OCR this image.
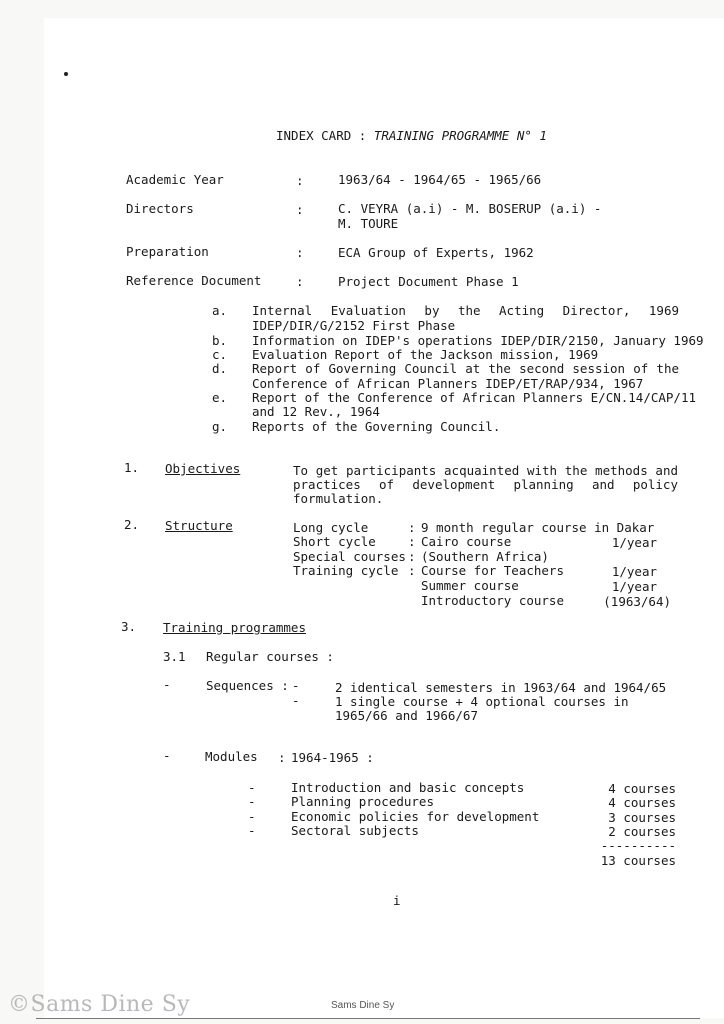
INDEX CARD : TRAINING PROGRAMME N° 1
Academic Year	:	1963/64 - 1964/65 - 1965/66
Directors	:	C. VEYRA (a.i) - M. BOSERUP (a.i) -
M. TOURE
Preparation	:	ECA Group of Experts, 1962
Reference Document	:	Project Document Phase 1
a. Internal Evaluation by the Acting Director, 1969
IDEP/DIR/G/2152 First Phase
b. Information on IDEP's operations IDEP/DIR/2150, January 1969
c. Evaluation Report of the Jackson mission, 1969
d. Report of Governing Council at the second session of the
Conference of African Planners IDEP/ET/RAP/934, 1967
e. Report of the Conference of African Planners E/CN.14/CAP/11
and 12 Rev., 1964
g. Reports of the Governing Council.
1. Objectives	To get participants acquainted with the methods and
practices of development planning and policy
formulation.
2. Structure	Long cycle	: 9 month regular course in Dakar
Short cycle	: Cairo course	1/year
Special courses : (Southern Africa)
Training cycle : Course for Teachers	1/year
Summer course	1/year
Introductory course	(1963/64)
3. Training programmes
3.1 Regular courses :
-	Sequences : -	2 identical semesters in 1963/64 and 1964/65
-	1 single course + 4 optional courses in
1965/66 and 1966/67
-	Modules : 1964-1965 :
-	Introduction and basic concepts	4 courses
-	Planning procedures	4 courses
-	Economic policies for development	3 courses
-	Sectoral subjects	2 courses
----------
13 courses
i
©Sams Dine Sy	Sams Dine Sy
